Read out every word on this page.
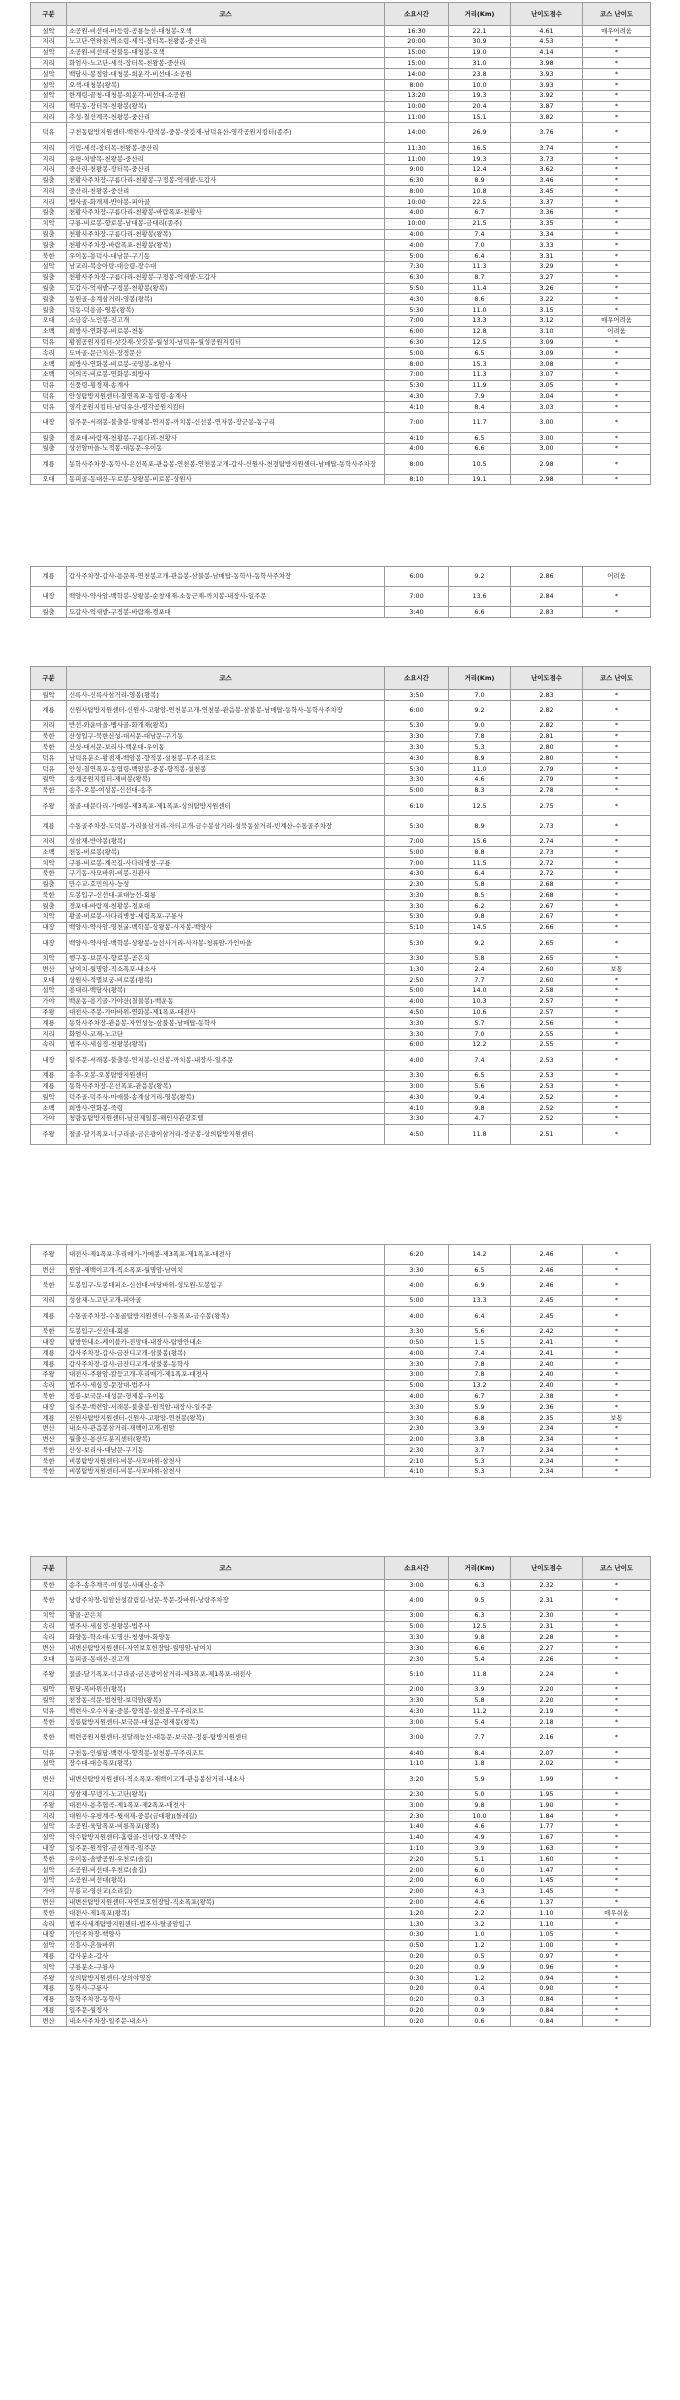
구분	코스	소요시간	거리(Km)	난이도점수	코스 난이도
설악	소공원-비선대-마등령-공룡능선-대청봉-오색	16:30	22.1	4.61	매우어려움
지리	노고단-연하천-벽소령-세석-장터목-천왕봉-중산리	20:00	30.9	4.53	*
설악	소공원-비선대-천불동-대청봉-오색	15:00	19.0	4.14	*
지리	화엄사-노고단-세석-장터목-천왕봉-중산리	15:00	31.0	3.98	*
설악	백담사-봉정암-대청봉-희운각-비선대-소공원	14:00	23.8	3.93	*
설악	오색-대청봉(왕복)	8:00	10.0	3.93	*
설악	한계령-끝청-대청봉-희운각-비선대-소공원	13:20	19.3	3.92	*
지리	백무동-장터목-천왕봉(왕복)	10:00	20.4	3.87	*
지리	추성-칠선계곡-천왕봉-중산리	11:00	15.1	3.82	*
덕유	구천동탐방지원센터-백련사-향적봉-중봉-삿갓재-남덕유산-영각공원지킴터(종주)	14:00	26.9	3.76	*
지리	거림-세석-장터목-천왕봉-중산리	11:30	16.5	3.74	*
지리	유평-치밭목-천왕봉-중산리	11:00	19.3	3.73	*
지리	중산리-천왕봉-장터목-중산리	9:00	12.4	3.62	*
월출	천황사주차장-구름다리-천황봉-구정봉-억새밭-도갑사	6:30	8.9	3.46	*
지리	중산리-천왕봉-중산리	8:00	10.8	3.45	*
지리	뱀사골-화개재-반야봉-피아골	10:00	22.5	3.37	*
월출	천황사주차장-구름다리-천황봉-바람폭포-천황사	4:00	6.7	3.36	*
치악	구룡-비로봉-향로봉-남대봉-금대리(종주)	10:00	21.5	3.35	*
월출	천황사주차장-구름다리-천황봉(왕복)	4:00	7.4	3.34	*
월출	천황사주차장-바람폭포-천황봉(왕복)	4:00	7.0	3.33	*
북한	우이동-용덕사-대남문-구기동	5:00	6.4	3.31	*
설악	남교리-복숭아탕-대승령-장수대	7:30	11.3	3.29	*
월출	천황사주차장-구름다리-천황봉-구정봉-억새밭-도갑사	6:30	8.7	3.27	*
월출	도갑사-억새밭-구정봉-천황봉(왕복)	5:50	11.4	3.26	*
월출	동원골-송계삼거리-영봉(왕복)	4:30	8.6	3.22	*
월출	덕동-덕용골-영봉(왕복)	5:30	11.0	3.15	*
오대	소금강-노인봉-진고개	7:00	13.3	3.12	매우어려움
소백	희방사-연화봉-비로봉-천동	6:00	12.8	3.10	어려움
덕유	황점공원지킴터-삿갓재-삿갓봉-월성치-남덕유-월성공원지킴터	6:30	12.5	3.09	*
속리	도마골-문근치산-장정문산	5:00	6.5	3.09	*
소백	희방사-연화봉-비로봉-국망봉-초암사	8:00	15.3	3.08	*
소백	어의곡-비로봉-연화봉-희방사	7:00	11.3	3.07	*
덕유	신풍령-횡경재-송계사	5:30	11.9	3.05	*
덕유	안성탐방지원센터-칠연폭포-동엽령-송계사	4:30	7.9	3.04	*
덕유	영각공원지킴터-남덕유산-영각공원지킴터	4:10	8.4	3.03	*
내장	일주문-서래봉-불출봉-망해봉-연지봉-까치봉-신선봉-연자봉-장군봉-동구리	7:00	11.7	3.00	*
월출	경포대-바람재-천황봉-구름다리-천황사	4:10	6.5	3.00	*
월출	상선암마을-노적봉-대동문-우이동	4:00	6.6	3.00	*
계룡	동학사주차장-동학사-은선폭포-관음봉-연천봉-연천봉고개-갑사-신원사-천정탐방지원센터-남매탑-동학사주차장	8:00	10.5	2.98	*
오대	동피골-동대산-두로봉-상왕봉-비로봉-상원사	8:10	19.1	2.98	*
계룡	갑사주차장-갑사-용문폭-연천봉고개-관음봉-삼불봉-남매탑-동학사-동학사주차장	6:00	9.2	2.86	어려움
내장	백양사-약사암-백학봉-상왕봉-순창새재-소둥근재-까치봉-내장사-일주문	7:00	13.6	2.84	*
월출	도갑사-억새밭-구정봉-바람재-경포대	3:40	6.6	2.83	*
구분	코스	소요시간	거리(Km)	난이도점수	코스 난이도
월악	신륵사-신륵사삼거리-영봉(왕복)	3:50	7.0	2.83	*
계룡	신원사탐방지원센터-신원사-고왕암-연천봉고개-연천봉-관음봉-삼불봉-남매탑-동학사-동학사주차장	6:00	9.2	2.82	*
지리	반선-와운마을-뱀사골-화개재(왕복)	5:30	9.0	2.82	*
북한	산성입구-북한산성-대서문-대남문-구기동	3:30	7.8	2.81	*
북한	산성-대서문-보리사-백운대-우이동	3:30	5.3	2.80	*
덕유	남덕유분소-황점재-백암봉-향적봉-설천봉-무주리조트	4:30	8.9	2.80	*
덕유	안성-칠연폭포-동엽령-백암봉-중봉-향적봉-설천봉	5:30	11.0	2.79	*
월악	송계공원지킴터-제비봉(왕복)	3:30	4.6	2.79	*
북한	송추-오봉-여성봉-신선대-송추	5:00	8.3	2.78	*
주왕	절골-대문다리-가메봉-제3폭포-제1폭포-상의탐방지원센터	6:10	12.5	2.75	*
계룡	수통골주차장-도덕봉-가리울삼거리-자티고개-금수봉삼거리-성북동삼거리-빈계산-수통골주차장	5:30	8.9	2.73	*
지리	성삼재-반야봉(왕복)	7:00	15.6	2.74	*
소백	천동-비로봉(왕복)	5:00	8.8	2.73	*
치악	구룡-비로봉-계곡길-사다리병창-구룡	7:00	11.5	2.72	*
북한	구기동-사모바위-비봉-진관사	4:30	6.4	2.72	*
월출	만수교-호민의사-능성	2:30	5.8	2.68	*
북한	도봉입구-신선대-포대능선-회룡	3:30	8.5	2.68	*
월출	경포대-바람재-천황봉-경포대	3:30	6.2	2.67	*
치악	황골-비로봉-사다리병창-세렴폭포-구룡사	5:30	9.8	2.67	*
내장	백양사-약사암-영천굴-백학봉-상왕봉-사자봉-백양사	5:10	14.5	2.66	*
내장	백양사-약사암-백학봉-상왕봉-능선사거리-사자봉-청류암-가인마을	5:30	9.2	2.65	*
치악	행구동-보문사-향로봉-곧은치	3:30	5.8	2.65	*
변산	남여치-월명암-직소폭포-내소사	1:30	2.4	2.60	보통
오대	상원사-적멸보궁-비로봉(왕복)	2:50	7.7	2.60	*
설악	용대리-백담사(왕복)	5:00	14.0	2.58	*
가야	백운동-용기골-가야산(칠불봉)-백운동	4:00	10.3	2.57	*
주왕	대전사-주봉-가마바위-연화봉-제1폭포-대전사	4:50	10.6	2.57	*
계룡	동학사주차장-관음봉-자연성능-삼불봉-남매탑-동학사	3:30	5.7	2.56	*
지리	화엄사-코재-노고단	3:30	7.0	2.55	*
속리	법주사-세심정-천왕봉(왕복)	6:00	12.2	2.55	*
내장	일주문-서래봉-불출봉-연지봉-신선봉-까치봉-내장사-일주문	4:00	7.4	2.53	*
계룡	송추-오봉-오봉탐방지원센터	3:30	6.5	2.53	*
계룡	동학사주차장-은선폭포-관음봉(왕복)	3:00	5.6	2.53	*
월악	덕주골-덕주사-마애불-송계삼거리-영봉(왕복)	4:30	9.4	2.52	*
소백	희방사-연화봉-죽령	4:10	9.8	2.52	*
가야	청량동탐방지원센터-남산제일봉-해인사관광호텔	3:30	4.7	2.52	*
주왕	절골-달기폭포-너구리골-금은광이삼거리-장군봉-상의탐방지원센터	4:50	11.8	2.51	*
주왕	대전사-제1폭포-후리메기-가메봉-제3폭포-제1폭포-대전사	6:20	14.2	2.46	*
변산	원암-재백이고개-직소폭포-월명암-남여치	3:30	6.5	2.46	*
북한	도봉입구-도봉대피소-신선대-마당바위-성도원-도봉입구	4:00	6.9	2.46	*
지리	성삼재-노고단고개-피아골	5:00	13.3	2.45	*
계룡	수통골주차장-수통골탐방지원센터-수통폭포-금수봉(왕복)	4:00	6.4	2.45	*
북한	도봉입구-신선대-회룡	3:30	5.6	2.42	*
내장	탐방안내소-케이블카-전망대-내장사-탐방안내소	0:50	1.5	2.41	*
계룡	갑사주차장-갑사-금잔디고개-삼불봉(왕복)	4:00	7.4	2.41	*
계룡	갑사주차장-갑사-금잔디고개-삼불봉-동학사	3:30	7.8	2.40	*
주왕	대전사-주왕암-칼등고개-후리메기-제1폭포-대전사	3:00	7.8	2.40	*
속리	법주사-세심정-문장대-법주사	5:00	13.2	2.40	*
북한	정릉-보국문-대성문-형제봉-우이동	4:00	6.7	2.38	*
내장	일주문-백련암-서래봉-불출봉-원적암-내장사-일주문	3:30	5.9	2.36	*
계룡	신원사탐방지원센터-신원사-고왕암-연천봉(왕복)	3:30	6.8	2.35	보통
변산	내소사-관음봉삼거리-재백이고개-원암	2:30	3.9	2.34	*
변산	월출산-용산도분지센터(왕복)	2:00	3.8	2.34	*
북한	산성-보리사-대남문-구기동	2:30	3.7	2.34	*
북한	비봉탐방지원센터-비봉-사모바위-삼천사	2:10	5.3	2.34	*
북한	비봉탐방지원센터-비봉-사모바위-삼천사	4:10	5.3	2.34	*
구분	코스	소요시간	거리(Km)	난이도점수	코스 난이도
북한	송추-송추계곡-여성봉-사패산-송추	3:00	6.3	2.32	*
북한	낭랑주차장-입암산성갈림길-남문-북문-갓바위-낭랑주차장	4:00	9.5	2.31	*
치악	황골-곧은치	3:00	6.3	2.30	*
속리	법주사-세심정-천왕봉-법주사	5:00	12.5	2.31	*
속리	화양동-학소대-도명산-청생마-화양동	3:30	9.8	2.28	*
변산	내변산탐방지원센터-자연보호헌장탑-월명암-남여치	3:30	6.6	2.27	*
오대	동피골-동대산-진고개	2:30	5.4	2.26	*
주왕	절골-달기폭포-너구리골-금은광이삼거리-제3폭포-제1폭포-대전사	5:10	11.8	2.24	*
월악	원당-폭바위산(왕복)	2:00	3.9	2.20	*
월악	천장동-석문-법천암-보덕암(왕복)	3:30	5.8	2.20	*
덕유	백련사-오수자굴-중봉-향적봉-설천봉-무주리조트	4:30	11.2	2.19	*
북한	정릉탐방지원센터-보국문-대성문-형제봉(왕복)	3:00	5.4	2.18	*
북한	백련공원지원센터-진달래능선-대동문-보국문-정릉-탐방지원센터	3:00	7.7	2.16	*
덕유	구천동-인월담-백련사-향적봉-설천봉-무주리조트	4:40	8.4	2.07	*
설악	장수대-대승폭포(왕복)	1:10	1.8	2.02	*
변산	내변산탐방지원센터-직소폭포-재백이고개-관음봉삼거리-내소사	3:20	5.9	1.99	*
지리	성삼재-무넹기-노고단(왕복)	2:30	5.0	1.95	*
주왕	대전사-용추협곡-제1폭포-제2폭포-대전사	3:00	9.8	1.90	*
지리	대원사-유평계곡-윗새재-중봉(금대왕)(돌레길)	2:30	10.0	1.84	*
설악	소공원-육담폭포-비룡폭포(왕복)	1:40	4.6	1.77	*
설악	약수탐방지원센터-흘림골-선녀탕-오색약수	1:40	4.9	1.67	*
내장	일주문-원적암-금선계곡-일주문	1:10	3.9	1.63	*
북한	우이동-솔밭공원-우천로(솔길)	2:20	5.1	1.60	*
설악	소공원-비선대-우천로(솔길)	2:00	6.0	1.47	*
설악	소공원-비선대(왕복)	2:00	6.0	1.45	*
가야	무릉교-영산교(소리길)	2:00	4.3	1.45	*
변산	내변산탐방지원센터-자연보호헌장탑-직소폭포(왕복)	2:00	4.6	1.37	*
북한	대전사-제1폭포(왕복)	1:20	2.2	1.10	매우쉬움
속리	법주사세계탐방지원센터-법주사-탈골암입구	1:30	3.2	1.10	*
내장	가인주차장-백양사	0:30	1.0	1.05	*
설악	신흥사-흔들바위	0:50	1.2	1.00	*
계룡	갑사분소-갑사	0:20	0.5	0.97	*
치악	구룡분소-구룡사	0:20	0.9	0.96	*
주왕	상의탐방지원센터-상의야영장	0:30	1.2	0.94	*
계룡	동학사-구룡사	0:20	0.4	0.90	*
계룡	동학주차장-동학사	0:20	0.3	0.84	*
계룡	일주문-월정사	0:20	0.9	0.84	*
변산	내소사주차장-일주문-내소사	0:20	0.6	0.84	*
